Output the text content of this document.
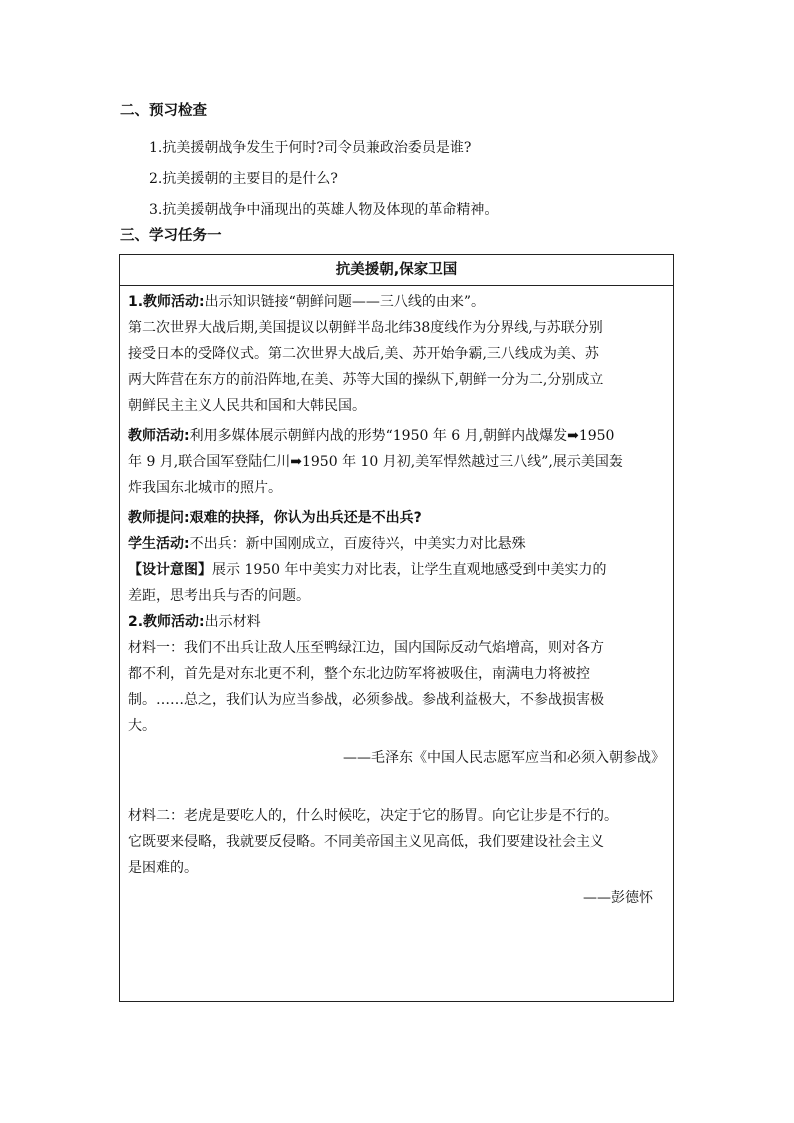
二、预习检查
1.抗美援朝战争发生于何时?司令员兼政治委员是谁?
2.抗美援朝的主要目的是什么?
3.抗美援朝战争中涌现出的英雄人物及体现的革命精神。
三、学习任务一
抗美援朝,保家卫国

1.教师活动:出示知识链接“朝鲜问题——三八线的由来”。

第二次世界大战后期,美国提议以朝鲜半岛北纬38度线作为分界线,与苏联分别

接受日本的受降仪式。第二次世界大战后,美、苏开始争霸,三八线成为美、苏

两大阵营在东方的前沿阵地,在美、苏等大国的操纵下,朝鲜一分为二,分别成立

朝鲜民主主义人民共和国和大韩民国。

教师活动:利用多媒体展示朝鲜内战的形势“1950 年 6 月,朝鲜内战爆发➡1950

年 9 月,联合国军登陆仁川➡1950 年 10 月初,美军悍然越过三八线”,展示美国轰

炸我国东北城市的照片。

教师提问:艰难的抉择，你认为出兵还是不出兵?

学生活动:不出兵：新中国刚成立，百废待兴，中美实力对比悬殊

【设计意图】展示 1950 年中美实力对比表，让学生直观地感受到中美实力的

差距，思考出兵与否的问题。

2.教师活动:出示材料

材料一：我们不出兵让敌人压至鸭绿江边，国内国际反动气焰增高，则对各方

都不利，首先是对东北更不利，整个东北边防军将被吸住，南满电力将被控

制。……总之，我们认为应当参战，必须参战。参战利益极大，不参战损害极

大。

——毛泽东《中国人民志愿军应当和必须入朝参战》

材料二：老虎是要吃人的，什么时候吃，决定于它的肠胃。向它让步是不行的。

它既要来侵略，我就要反侵略。不同美帝国主义见高低，我们要建设社会主义

是困难的。

——彭德怀
